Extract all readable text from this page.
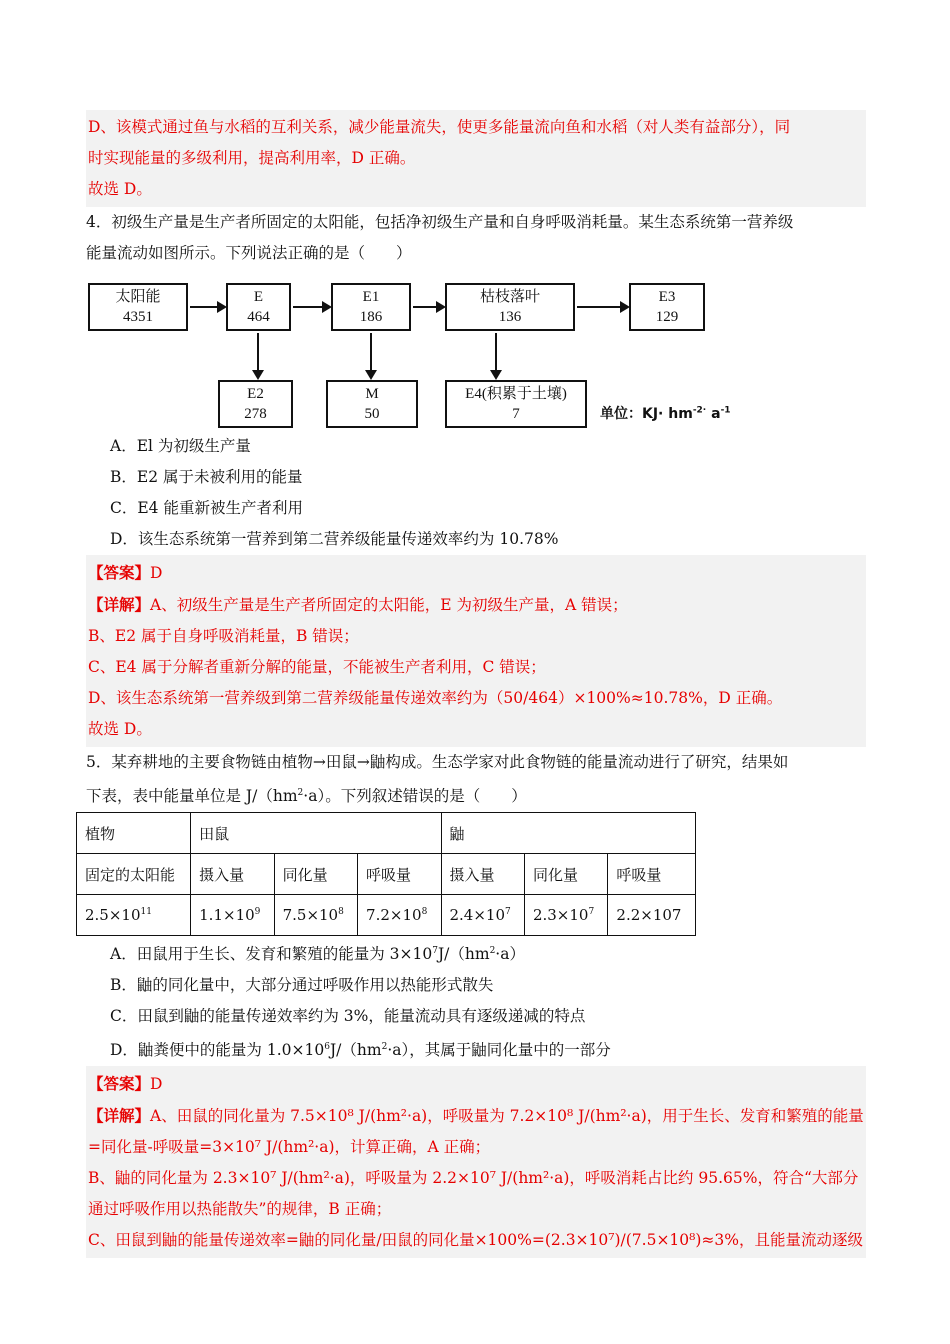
D、该模式通过鱼与水稻的互利关系，减少能量流失，使更多能量流向鱼和水稻（对人类有益部分），同
时实现能量的多级利用，提高利用率，D 正确。
故选 D。
4．初级生产量是生产者所固定的太阳能，包括净初级生产量和自身呼吸消耗量。某生态系统第一营养级
能量流动如图所示。下列说法正确的是（　　）
太阳能
4351
E
464
E1
186
枯枝落叶
136
E3
129
E2
278
M
50
E4(积累于土壤)
7	单位：$KJ\cdot hm^{-2\cdot}$ $a^{-1}$
A．El 为初级生产量
B．E2 属于未被利用的能量
C．E4 能重新被生产者利用
D．该生态系统第一营养到第二营养级能量传递效率约为 10.78%
【答案】D
【详解】A、初级生产量是生产者所固定的太阳能，E 为初级生产量，A 错误；
B、E2 属于自身呼吸消耗量，B 错误；
C、E4 属于分解者重新分解的能量，不能被生产者利用，C 错误；
D、该生态系统第一营养级到第二营养级能量传递效率约为（50/464）×100%≈10.78%，D 正确。
故选 D。
5．某弃耕地的主要食物链由植物→田鼠→鼬构成。生态学家对此食物链的能量流动进行了研究，结果如
下表，表中能量单位是 $J/(hm^2\cdot a)$。下列叙述错误的是（　　）
植物	田鼠			鼬		
固定的太阳能	摄入量	同化量	呼吸量	摄入量	同化量	呼吸量
$2.5\times 10^{11}$	$1.1\times 10^9$	$7.5\times 10^8$	$7.2\times 10^8$	$2.4\times 10^7$	$2.3\times 10^7$	2.2×107
A．田鼠用于生长、发育和繁殖的能量为 $3\times 10^7J/(hm^2\cdot a)$
B．鼬的同化量中，大部分通过呼吸作用以热能形式散失
C．田鼠到鼬的能量传递效率约为 3%，能量流动具有逐级递减的特点
D．鼬粪便中的能量为 $1.0\times 10^6J/(hm^2\cdot a)$，其属于鼬同化量中的一部分
【答案】D
【详解】A、田鼠的同化量为 7.5×10⁸ J/(hm²·a)，呼吸量为 7.2×10⁸ J/(hm²·a)，用于生长、发育和繁殖的能量
=同化量-呼吸量=3×10⁷ J/(hm²·a)，计算正确，A 正确；
B、鼬的同化量为 2.3×10⁷ J/(hm²·a)，呼吸量为 2.2×10⁷ J/(hm²·a)，呼吸消耗占比约 95.65%，符合“大部分
通过呼吸作用以热能散失”的规律，B 正确；
C、田鼠到鼬的能量传递效率=鼬的同化量/田鼠的同化量×100%=(2.3×10⁷)/(7.5×10⁸)≈3%，且能量流动逐级
